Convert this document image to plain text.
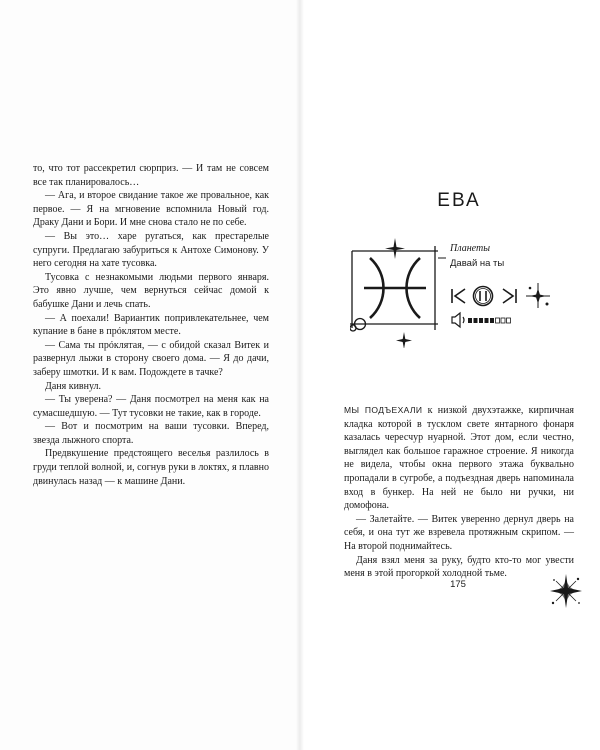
то, что тот рассекретил сюрприз. — И там не совсем все так планировалось…

— Ага, и второе свидание такое же провальное, как первое. — Я на мгновение вспомнила Новый год. Драку Дани и Бори. И мне снова стало не по себе.

— Вы это… харе ругаться, как престарелые супруги. Предлагаю забуриться к Антохе Симонову. У него сегодня на хате тусовка.

Тусовка с незнакомыми людьми первого января. Это явно лучше, чем вернуться сейчас домой к бабушке Дани и лечь спать.

— А поехали! Вариантик попривлекательнее, чем купание в бане в прóклятом месте.

— Сама ты прóклятая, — с обидой сказал Витек и развернул лыжи в сторону своего дома. — Я до дачи, заберу шмотки. И к вам. Подождете в тачке?

Даня кивнул.

— Ты уверена? — Даня посмотрел на меня как на сумасшедшую. — Тут тусовки не такие, как в городе.

— Вот и посмотрим на ваши тусовки. Вперед, звезда лыжного спорта.

Предвкушение предстоящего веселья разлилось в груди теплой волной, и, согнув руки в локтях, я плавно двинулась назад — к машине Дани.

ЕВА
Планеты
Давай на ты

МЫ ПОДЪЕХАЛИ к низкой двухэтажке, кирпичная кладка которой в тусклом свете янтарного фонаря казалась чересчур нуарной. Этот дом, если честно, выглядел как большое гаражное строение. Я никогда не видела, чтобы окна первого этажа буквально пропадали в сугробе, а подъездная дверь напоминала вход в бункер. На ней не было ни ручки, ни домофона.

— Залетайте. — Витек уверенно дернул дверь на себя, и она тут же взревела протяжным скрипом. — На второй поднимайтесь.

Даня взял меня за руку, будто кто-то мог увести меня в этой прогоркой холодной тьме.

175
